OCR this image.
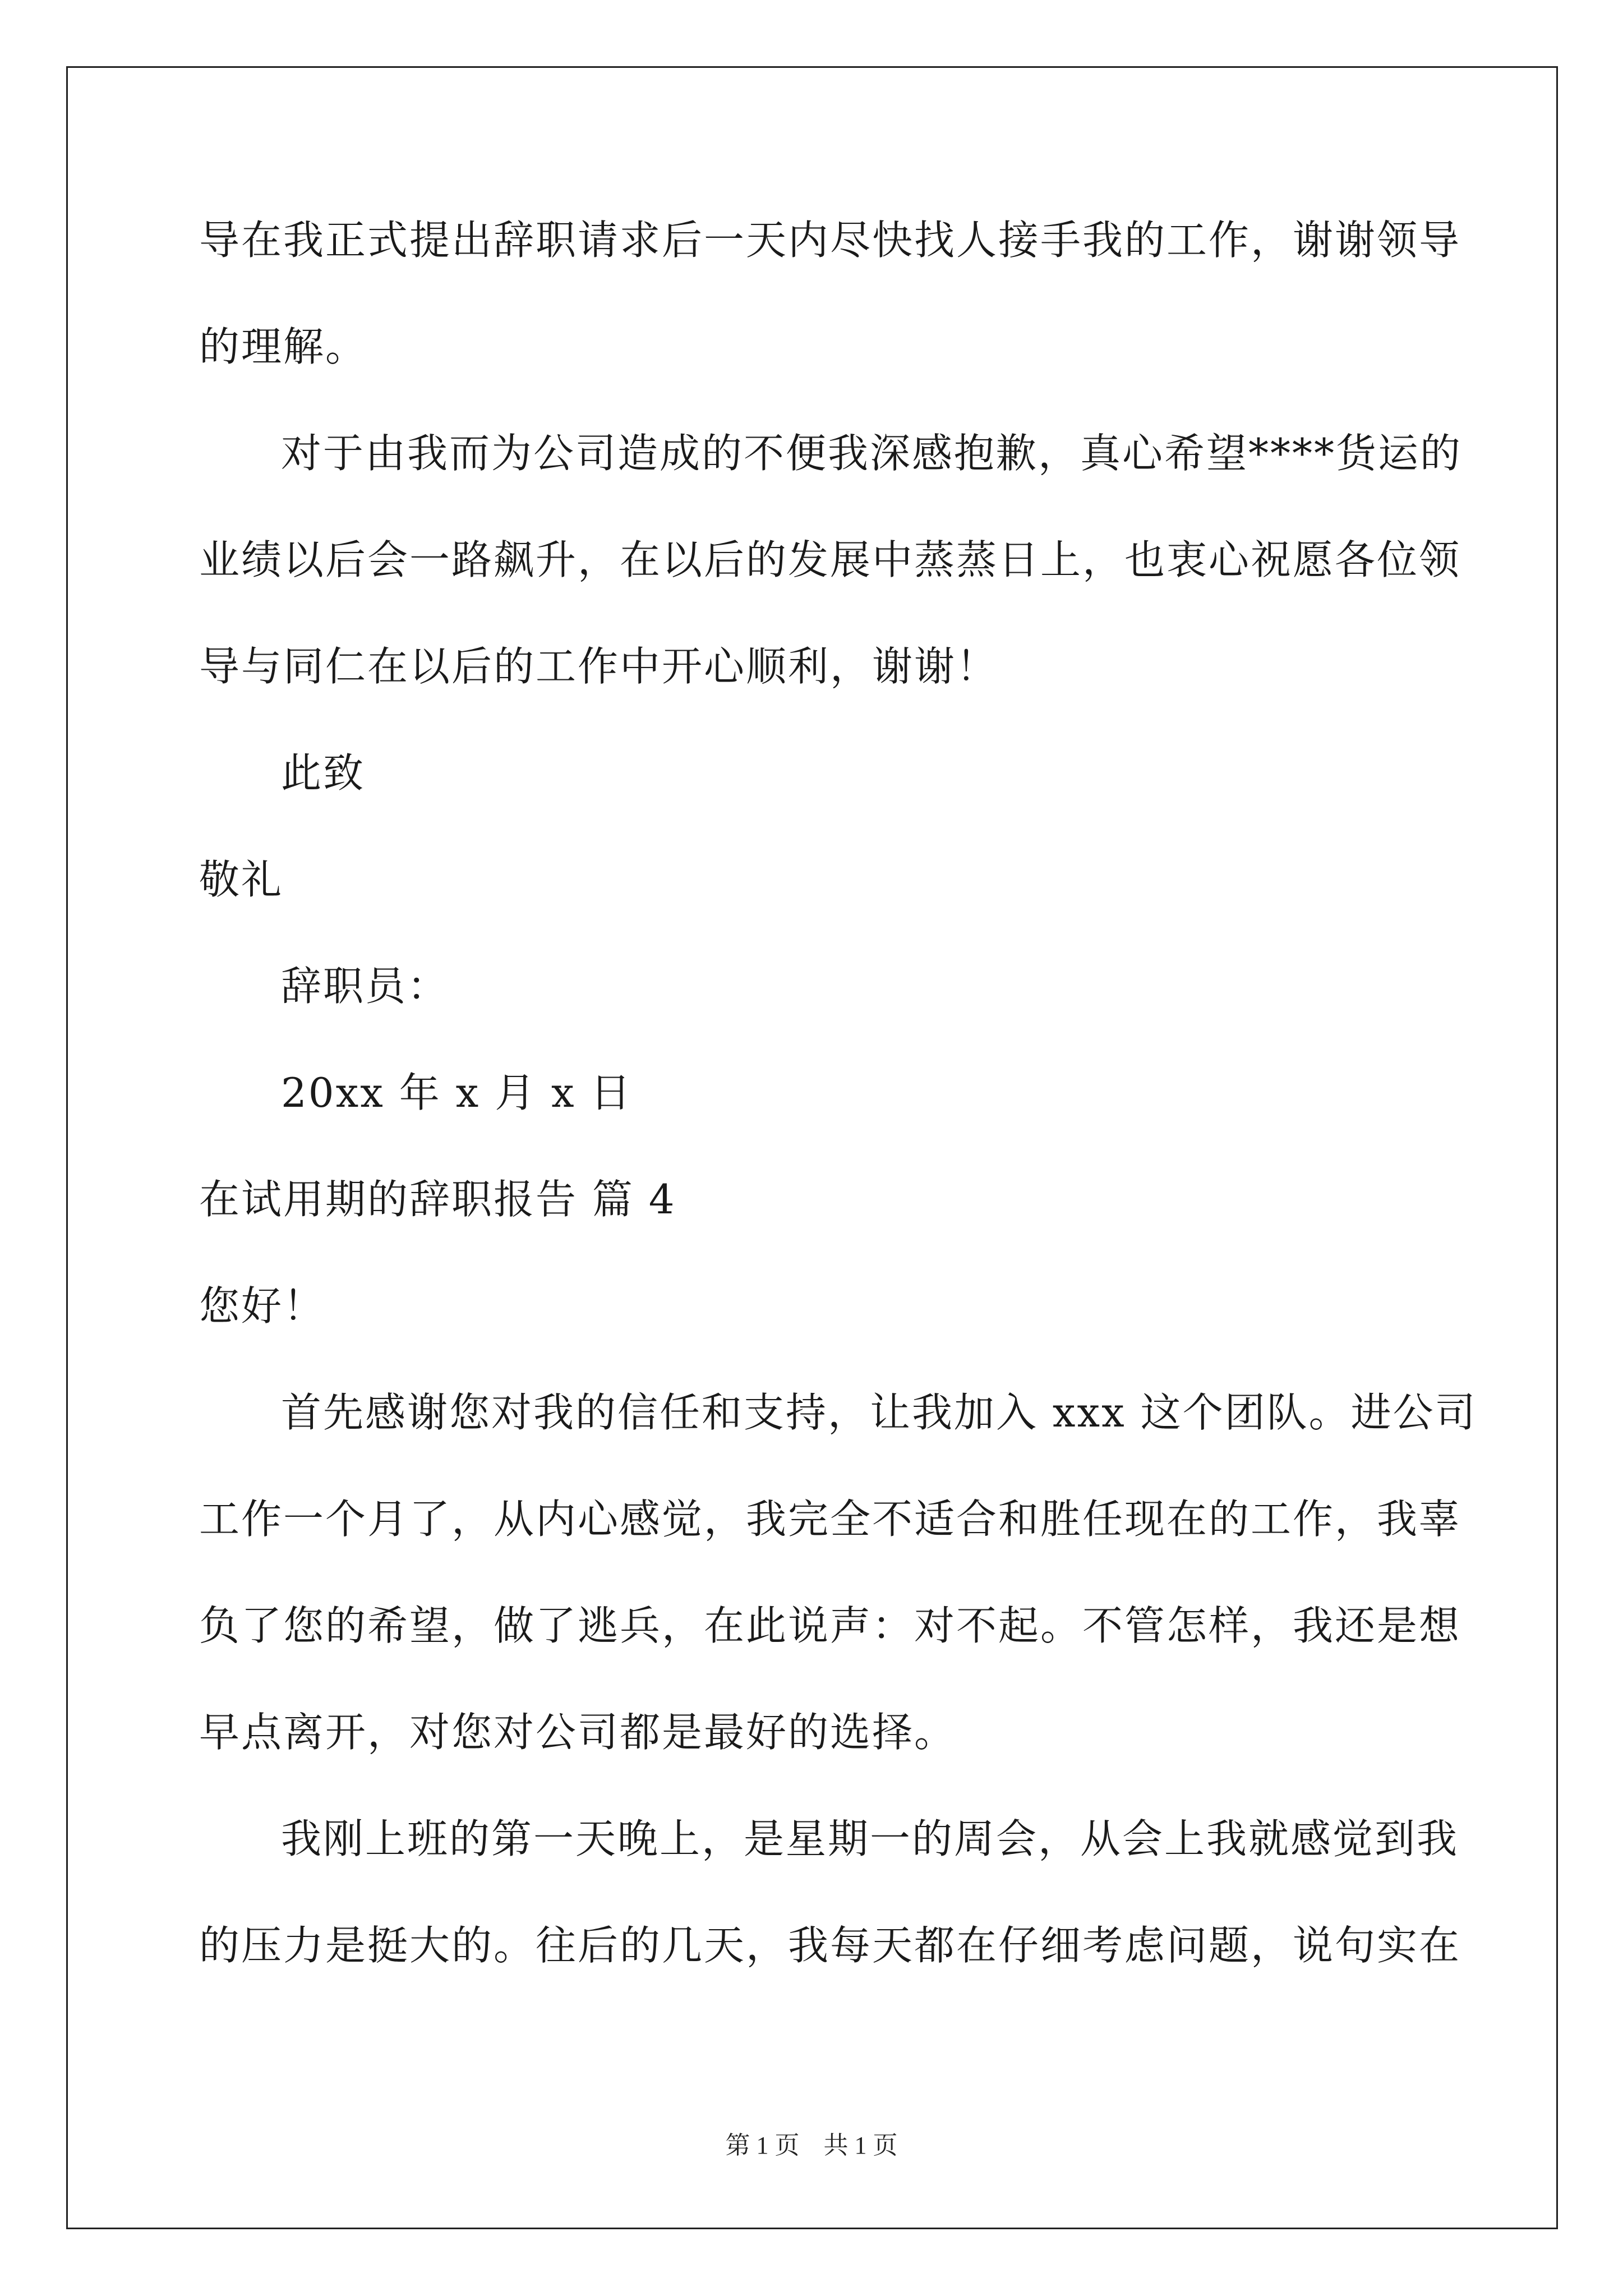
导在我正式提出辞职请求后一天内尽快找人接手我的工作，谢谢领导
的理解。
对于由我而为公司造成的不便我深感抱歉，真心希望****货运的
业绩以后会一路飙升，在以后的发展中蒸蒸日上，也衷心祝愿各位领
导与同仁在以后的工作中开心顺利，谢谢！
此致
敬礼
辞职员：
20xx 年 x 月 x 日
在试用期的辞职报告 篇 4
您好！
首先感谢您对我的信任和支持，让我加入 xxx 这个团队。进公司
工作一个月了，从内心感觉，我完全不适合和胜任现在的工作，我辜
负了您的希望，做了逃兵，在此说声：对不起。不管怎样，我还是想
早点离开，对您对公司都是最好的选择。
我刚上班的第一天晚上，是星期一的周会，从会上我就感觉到我
的压力是挺大的。往后的几天，我每天都在仔细考虑问题，说句实在
第 1 页 共 1 页
